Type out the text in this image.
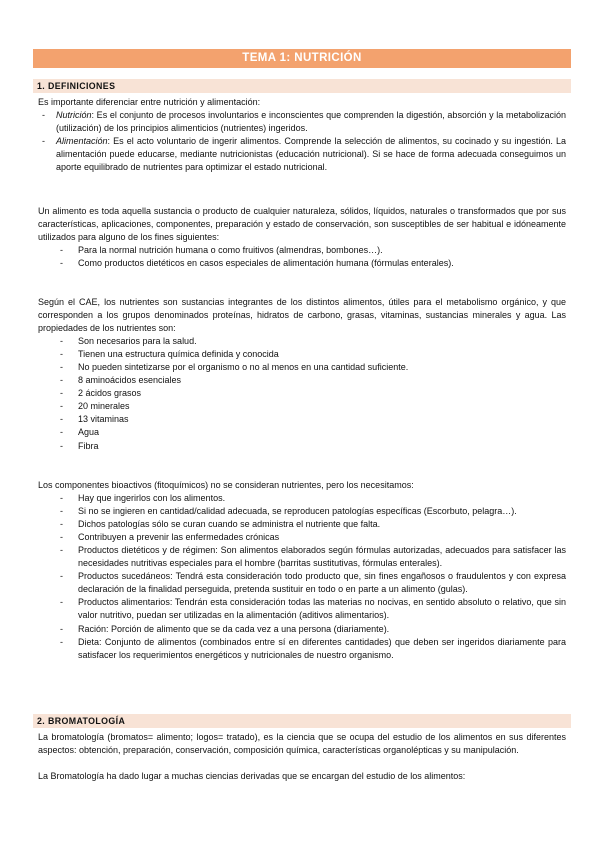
TEMA 1: NUTRICIÓN
1. DEFINICIONES

Es importante diferenciar entre nutrición y alimentación:

- Nutrición: Es el conjunto de procesos involuntarios e inconscientes que comprenden la digestión, absorción y la metabolización (utilización) de los principios alimenticios (nutrientes) ingeridos.
- Alimentación: Es el acto voluntario de ingerir alimentos. Comprende la selección de alimentos, su cocinado y su ingestión. La alimentación puede educarse, mediante nutricionistas (educación nutricional). Si se hace de forma adecuada conseguimos un aporte equilibrado de nutrientes para optimizar el estado nutricional.

Un alimento es toda aquella sustancia o producto de cualquier naturaleza, sólidos, líquidos, naturales o transformados que por sus características, aplicaciones, componentes, preparación y estado de conservación, son susceptibles de ser habitual e idóneamente utilizados para alguno de los fines siguientes:

- Para la normal nutrición humana o como fruitivos (almendras, bombones…).
- Como productos dietéticos en casos especiales de alimentación humana (fórmulas enterales).

Según el CAE, los nutrientes son sustancias integrantes de los distintos alimentos, útiles para el metabolismo orgánico, y que corresponden a los grupos denominados proteínas, hidratos de carbono, grasas, vitaminas, sustancias minerales y agua. Las propiedades de los nutrientes son:

- Son necesarios para la salud.
- Tienen una estructura química definida y conocida
- No pueden sintetizarse por el organismo o no al menos en una cantidad suficiente.
- 8 aminoácidos esenciales
- 2 ácidos grasos
- 20 minerales
- 13 vitaminas
- Agua
- Fibra

Los componentes bioactivos (fitoquímicos) no se consideran nutrientes, pero los necesitamos:

- Hay que ingerirlos con los alimentos.
- Si no se ingieren en cantidad/calidad adecuada, se reproducen patologías específicas (Escorbuto, pelagra…).
- Dichos patologías sólo se curan cuando se administra el nutriente que falta.
- Contribuyen a prevenir las enfermedades crónicas
- Productos dietéticos y de régimen: Son alimentos elaborados según fórmulas autorizadas, adecuados para satisfacer las necesidades nutritivas especiales para el hombre (barritas sustitutivas, fórmulas enterales).
- Productos sucedáneos: Tendrá esta consideración todo producto que, sin fines engañosos o fraudulentos y con expresa declaración de la finalidad perseguida, pretenda sustituir en todo o en parte a un alimento (gulas).
- Productos alimentarios: Tendrán esta consideración todas las materias no nocivas, en sentido absoluto o relativo, que sin valor nutritivo, puedan ser utilizadas en la alimentación (aditivos alimentarios).
- Ración: Porción de alimento que se da cada vez a una persona (diariamente).
- Dieta: Conjunto de alimentos (combinados entre sí en diferentes cantidades) que deben ser ingeridos diariamente para satisfacer los requerimientos energéticos y nutricionales de nuestro organismo.
2. BROMATOLOGÍA

La bromatología (bromatos= alimento; logos= tratado), es la ciencia que se ocupa del estudio de los alimentos en sus diferentes aspectos: obtención, preparación, conservación, composición química, características organolépticas y su manipulación.

La Bromatología ha dado lugar a muchas ciencias derivadas que se encargan del estudio de los alimentos:
